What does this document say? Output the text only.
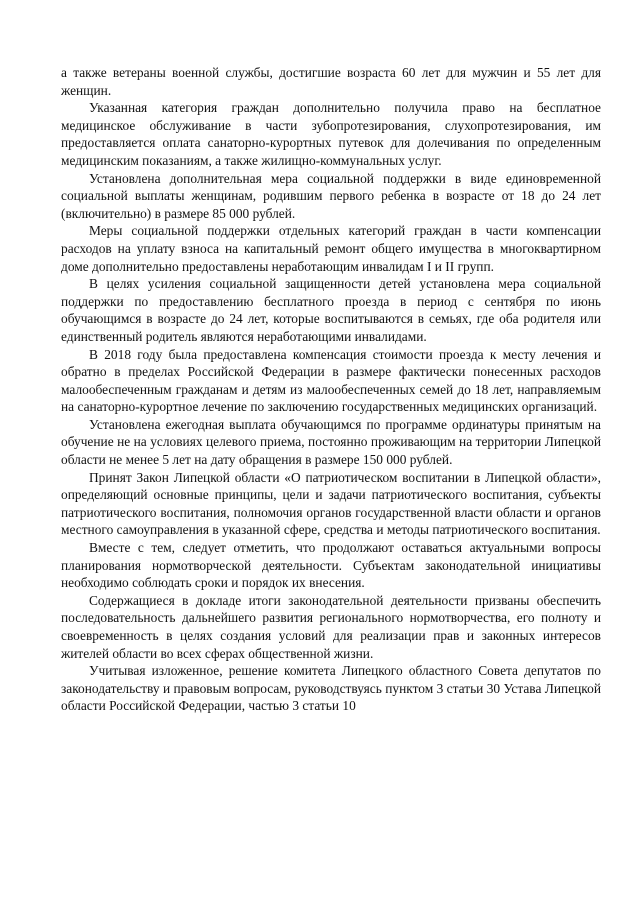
а также ветераны военной службы, достигшие возраста 60 лет для мужчин и 55 лет для женщин.

Указанная категория граждан дополнительно получила право на бесплатное медицинское обслуживание в части зубопротезирования, слухопротезирования, им предоставляется оплата санаторно-курортных путевок для долечивания по определенным медицинским показаниям, а также жилищно-коммунальных услуг.

Установлена дополнительная мера социальной поддержки в виде единовременной социальной выплаты женщинам, родившим первого ребенка в возрасте от 18 до 24 лет (включительно) в размере 85 000 рублей.

Меры социальной поддержки отдельных категорий граждан в части компенсации расходов на уплату взноса на капитальный ремонт общего имущества в многоквартирном доме дополнительно предоставлены неработающим инвалидам I и II групп.

В целях усиления социальной защищенности детей установлена мера социальной поддержки по предоставлению бесплатного проезда в период с сентября по июнь обучающимся в возрасте до 24 лет, которые воспитываются в семьях, где оба родителя или единственный родитель являются неработающими инвалидами.

В 2018 году была предоставлена компенсация стоимости проезда к месту лечения и обратно в пределах Российской Федерации в размере фактически понесенных расходов малообеспеченным гражданам и детям из малообеспеченных семей до 18 лет, направляемым на санаторно-курортное лечение по заключению государственных медицинских организаций.

Установлена ежегодная выплата обучающимся по программе ординатуры принятым на обучение не на условиях целевого приема, постоянно проживающим на территории Липецкой области не менее 5 лет на дату обращения в размере 150 000 рублей.

Принят Закон Липецкой области «О патриотическом воспитании в Липецкой области», определяющий основные принципы, цели и задачи патриотического воспитания, субъекты патриотического воспитания, полномочия органов государственной власти области и органов местного самоуправления в указанной сфере, средства и методы патриотического воспитания.

Вместе с тем, следует отметить, что продолжают оставаться актуальными вопросы планирования нормотворческой деятельности. Субъектам законодательной инициативы необходимо соблюдать сроки и порядок их внесения.

Содержащиеся в докладе итоги законодательной деятельности призваны обеспечить последовательность дальнейшего развития регионального нормотворчества, его полноту и своевременность в целях создания условий для реализации прав и законных интересов жителей области во всех сферах общественной жизни.

Учитывая изложенное, решение комитета Липецкого областного Совета депутатов по законодательству и правовым вопросам, руководствуясь пунктом 3 статьи 30 Устава Липецкой области Российской Федерации, частью 3 статьи 10
